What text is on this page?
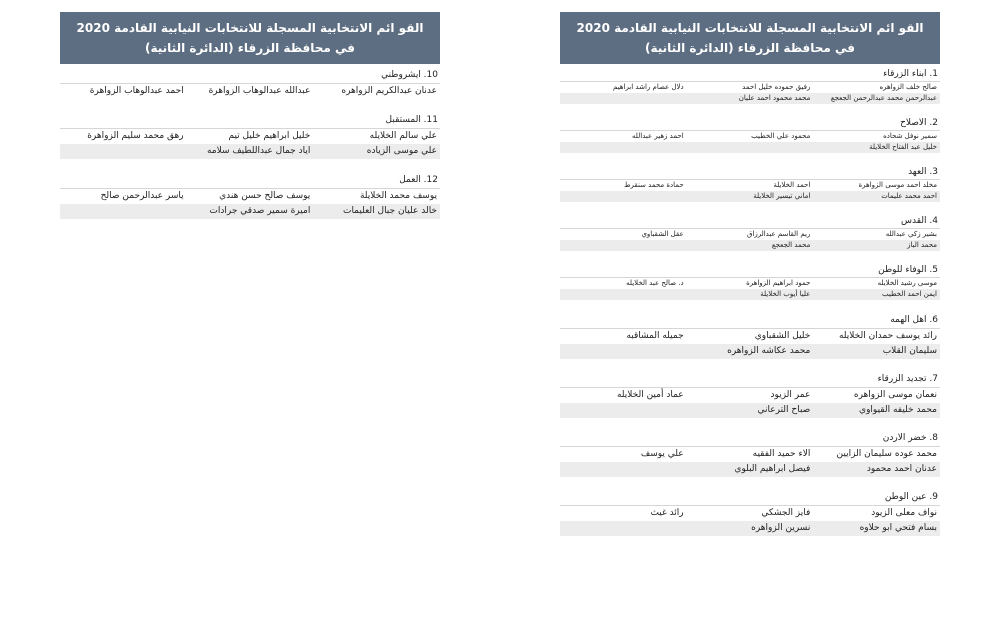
القو ائم الانتخابية المسجلة للانتخابات النيابية القادمة 2020
في محافظة الزرقاء (الدائرة الثانية)
1. ابناء الزرقاء
صالح خلف الزواهره
رفيق حموده خليل احمد
دلال عصام راشد ابراهيم
عبدالرحمن محمد عبدالرحمن الجعجع
محمد محمود احمد عليان
2. الاصلاح
سمير نوفل شحاده
محمود علي الخطيب
احمد زهير عبدالله
خليل عبد الفتاح الخلايلة
3. العهد
مخلد احمد موسى الزواهرة
احمد الخلايلة
حمادة محمد سنقرط
احمد محمد عليمات
اماني تيسير الخلايلة
4. القدس
بشير زكي عبدالله
ريم القاسم عبدالرزاق
عقل الشقباوي
محمد الباز
محمد الجعجع
5. الوفاء للوطن
موسى رشيد الخلايله
حمود ابراهيم الزواهرة
د. صالح عبد الخلايله
ايمن احمد الخطيب
عليا أيوب الخلايلة
6. اهل الهمه
رائد يوسف حمدان الخلايله
خليل الشقباوي
جميله المشاقبه
سليمان القلاب
محمد عكاشه الزواهره
7. تجديد الزرقاء
نعمان موسى الزواهره
عمر الزيود
عماد أمين الخلايله
محمد خليفه القيواوي
صباح الترعاني
8. خضر الاردن
محمد عوده سليمان الزايين
الاء حميد الفقيه
علي يوسف
عدنان احمد محمود
فيصل ابراهيم البلوي
9. عين الوطن
نواف معلى الزيود
فايز الجشكي
رائد غيث
بسام فتحي ابو حلاوه
نسرين الزواهره
القو ائم الانتخابية المسجلة للانتخابات النيابية القادمة 2020
في محافظة الزرقاء (الدائرة الثانية)
10. ايشروطني
عدنان عبدالكريم الزواهره
عبدالله عبدالوهاب الزواهرة
احمد عبدالوهاب الزواهرة
11. المستقبل
علي سالم الخلايله
خليل ابراهيم خليل تيم
رهق محمد سليم الزواهرة
علي موسى الزياده
اياد جمال عبداللطيف سلامه
12. العمل
يوسف محمد الخلايلة
يوسف صالح حسن هندي
ياسر عبدالرحمن صالح
خالد عليان جبال العليمات
اميرة سمير صدقي جرادات
